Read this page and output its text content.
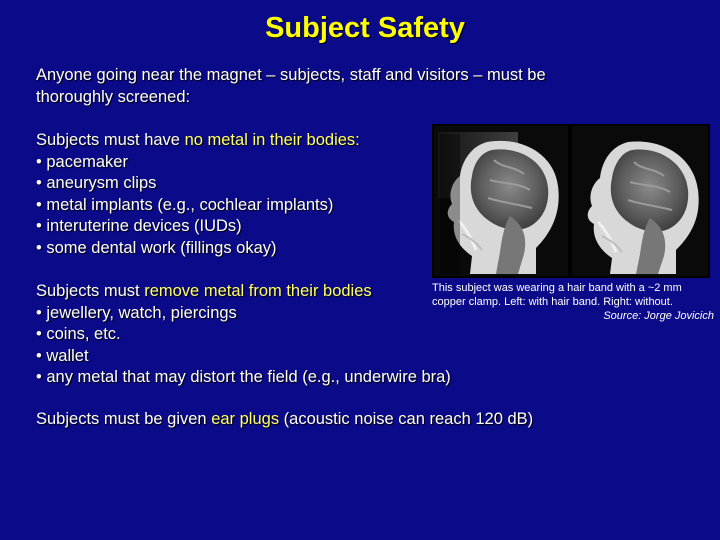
Subject Safety
Anyone going near the magnet – subjects, staff and visitors – must be thoroughly screened:
Subjects must have no metal in their bodies:
• pacemaker
• aneurysm clips
• metal implants (e.g., cochlear implants)
• interuterine devices (IUDs)
• some dental work (fillings okay)
This subject was wearing a hair band with a ~2 mm copper clamp. Left: with hair band. Right: without.
Source: Jorge Jovicich
Subjects must remove metal from their bodies
• jewellery, watch, piercings
• coins, etc.
• wallet
• any metal that may distort the field (e.g., underwire bra)
Subjects must be given ear plugs (acoustic noise can reach 120 dB)
